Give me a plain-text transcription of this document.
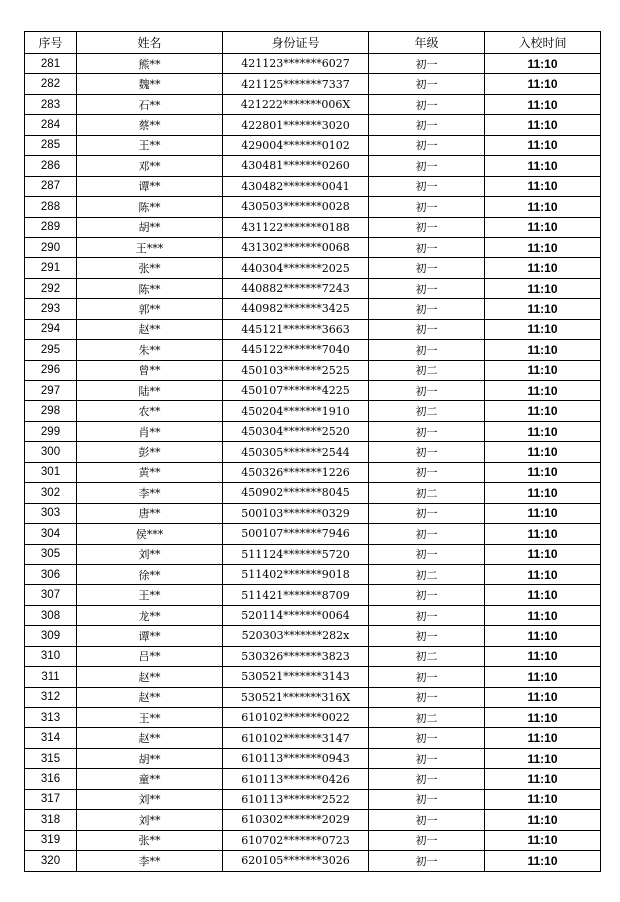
序号	姓名	身份证号	年级	入校时间
281	熊**	421123*******6027	初一	11:10
282	魏**	421125*******7337	初一	11:10
283	石**	421222*******006X	初一	11:10
284	蔡**	422801*******3020	初一	11:10
285	王**	429004*******0102	初一	11:10
286	邓**	430481*******0260	初一	11:10
287	谭**	430482*******0041	初一	11:10
288	陈**	430503*******0028	初一	11:10
289	胡**	431122*******0188	初一	11:10
290	王***	431302*******0068	初一	11:10
291	张**	440304*******2025	初一	11:10
292	陈**	440882*******7243	初一	11:10
293	郭**	440982*******3425	初一	11:10
294	赵**	445121*******3663	初一	11:10
295	朱**	445122*******7040	初一	11:10
296	曾**	450103*******2525	初二	11:10
297	陆**	450107*******4225	初一	11:10
298	农**	450204*******1910	初二	11:10
299	肖**	450304*******2520	初一	11:10
300	彭**	450305*******2544	初一	11:10
301	黄**	450326*******1226	初一	11:10
302	李**	450902*******8045	初二	11:10
303	唐**	500103*******0329	初一	11:10
304	侯***	500107*******7946	初一	11:10
305	刘**	511124*******5720	初一	11:10
306	徐**	511402*******9018	初二	11:10
307	王**	511421*******8709	初一	11:10
308	龙**	520114*******0064	初一	11:10
309	谭**	520303*******282x	初一	11:10
310	吕**	530326*******3823	初二	11:10
311	赵**	530521*******3143	初一	11:10
312	赵**	530521*******316X	初一	11:10
313	王**	610102*******0022	初二	11:10
314	赵**	610102*******3147	初一	11:10
315	胡**	610113*******0943	初一	11:10
316	童**	610113*******0426	初一	11:10
317	刘**	610113*******2522	初一	11:10
318	刘**	610302*******2029	初一	11:10
319	张**	610702*******0723	初一	11:10
320	李**	620105*******3026	初一	11:10
